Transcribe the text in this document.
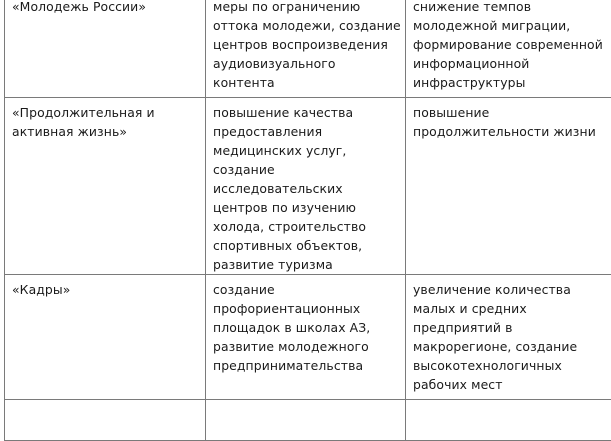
«Молодежь России»	меры по ограничению оттока молодежи, создание центров воспроизведения аудиовизуального контента	снижение темпов молодежной миграции, формирование современной информационной инфраструктуры

«Продолжительная и активная жизнь»	повышение качества предоставления медицинских услуг, создание исследовательских центров по изучению холода, строительство спортивных объектов, развитие туризма	повышение продолжительности жизни

«Кадры»	создание профориентационных площадок в школах АЗ, развитие молодежного предпринимательства	увеличение количества малых и средних предприятий в макрорегионе, создание высокотехнологичных рабочих мест
